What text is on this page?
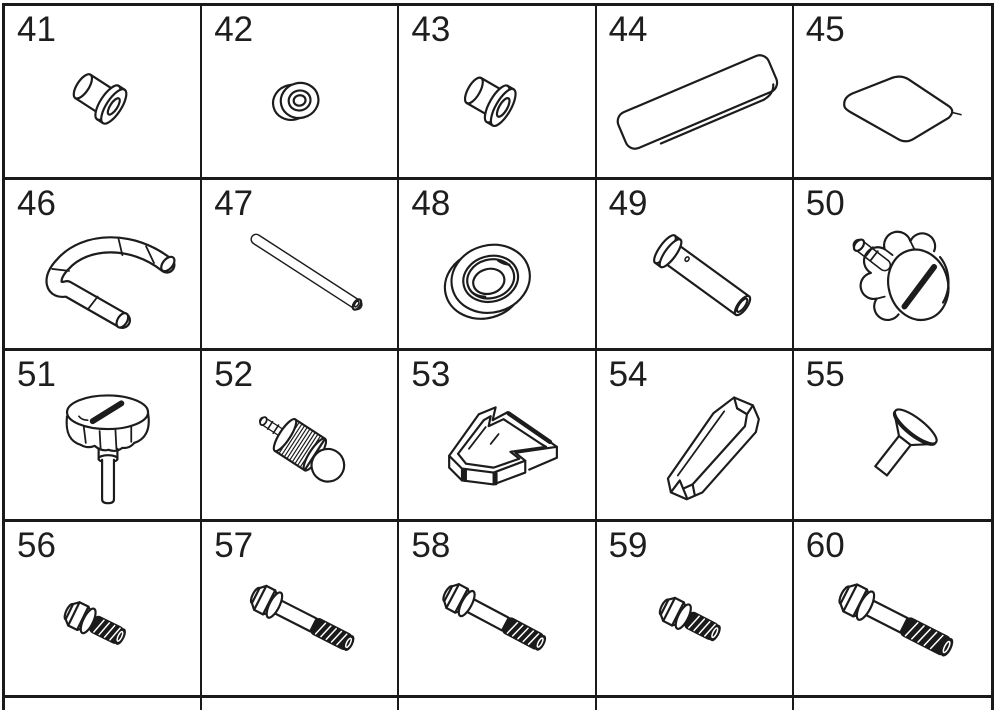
41	42	43	44	45
46	47	48	49	50
51	52	53	54	55
56	57	58	59	60
